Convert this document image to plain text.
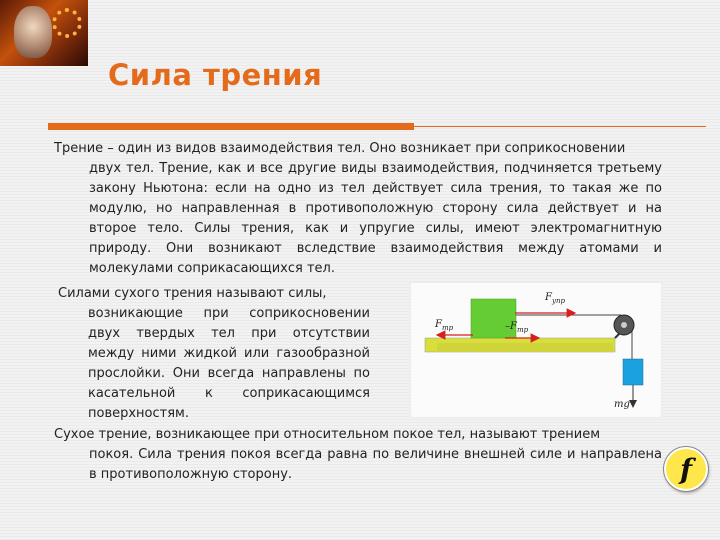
Сила трения

Трение – один из видов взаимодействия тел. Оно возникает при соприкосновении
двух тел. Трение, как и все другие виды взаимодействия, подчиняется третьему закону Ньютона: если на одно из тел действует сила трения, то такая же по модулю, но направленная в противоположную сторону сила действует и на второе тело. Силы трения, как и упругие силы, имеют электромагнитную природу. Они возникают вследствие взаимодействия между атомами и молекулами соприкасающихся тел.

Силами сухого трения называют силы,
возникающие при соприкосновении двух твердых тел при отсутствии между ними жидкой или газообразной прослойки. Они всегда направлены по касательной к соприкасающимся поверхностям.

$F_{упр}$
$F_{тр}$	$-F_{тр}$
mg

Сухое трение, возникающее при относительном покое тел, называют трением
покоя. Сила трения покоя всегда равна по величине внешней силе и направлена в противоположную сторону.	f
